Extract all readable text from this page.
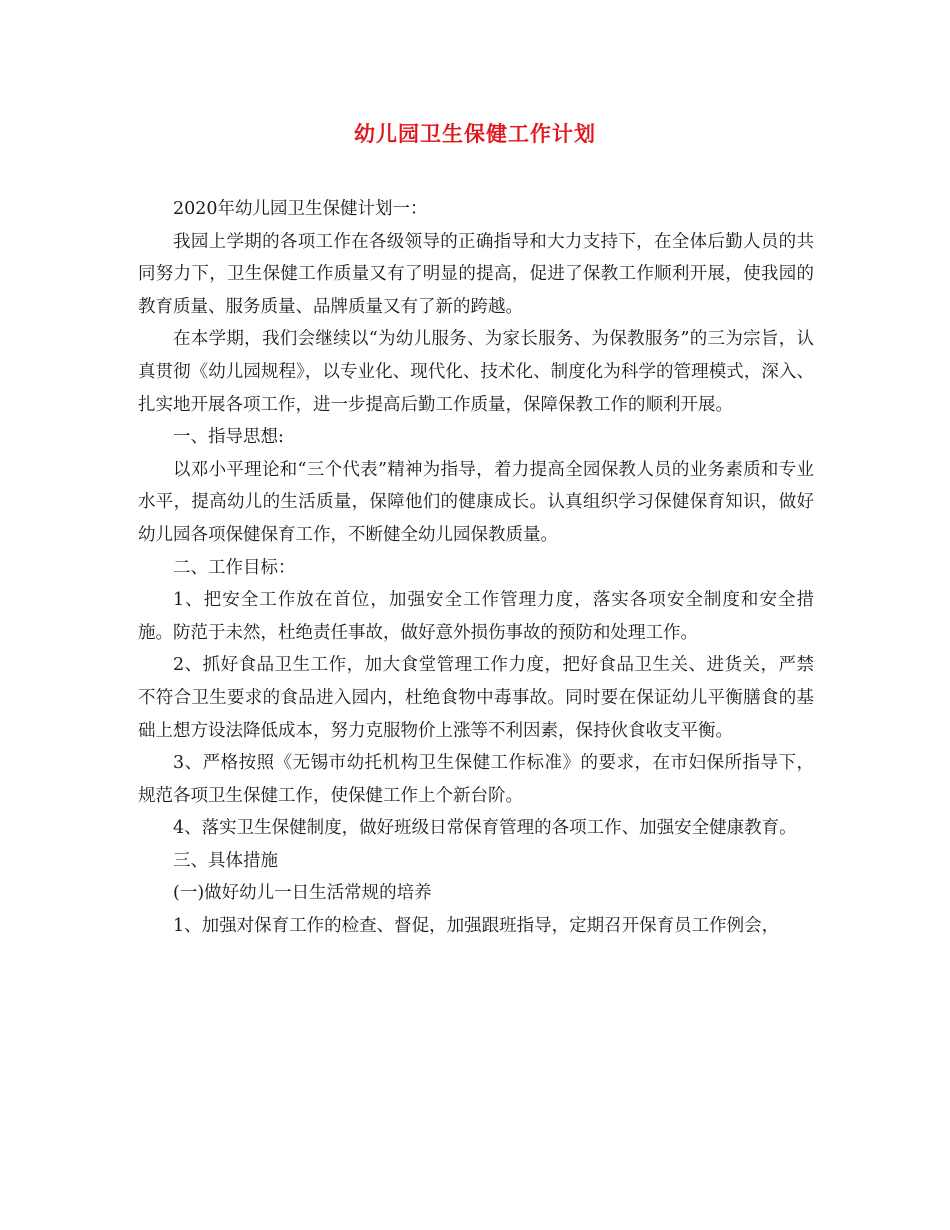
幼儿园卫生保健工作计划

2020年幼儿园卫生保健计划一：

我园上学期的各项工作在各级领导的正确指导和大力支持下，在全体后勤人员的共同努力下，卫生保健工作质量又有了明显的提高，促进了保教工作顺利开展，使我园的教育质量、服务质量、品牌质量又有了新的跨越。

在本学期，我们会继续以“为幼儿服务、为家长服务、为保教服务”的三为宗旨，认真贯彻《幼儿园规程》，以专业化、现代化、技术化、制度化为科学的管理模式，深入、扎实地开展各项工作，进一步提高后勤工作质量，保障保教工作的顺利开展。

一、指导思想:

以邓小平理论和“三个代表”精神为指导，着力提高全园保教人员的业务素质和专业水平，提高幼儿的生活质量，保障他们的健康成长。认真组织学习保健保育知识，做好幼儿园各项保健保育工作，不断健全幼儿园保教质量。

二、工作目标：

1、把安全工作放在首位，加强安全工作管理力度，落实各项安全制度和安全措施。防范于未然，杜绝责任事故，做好意外损伤事故的预防和处理工作。

2、抓好食品卫生工作，加大食堂管理工作力度，把好食品卫生关、进货关，严禁不符合卫生要求的食品进入园内，杜绝食物中毒事故。同时要在保证幼儿平衡膳食的基础上想方设法降低成本，努力克服物价上涨等不利因素，保持伙食收支平衡。

3、严格按照《无锡市幼托机构卫生保健工作标准》的要求，在市妇保所指导下，规范各项卫生保健工作，使保健工作上个新台阶。

4、落实卫生保健制度，做好班级日常保育管理的各项工作、加强安全健康教育。

三、具体措施

(一)做好幼儿一日生活常规的培养

1、加强对保育工作的检查、督促，加强跟班指导，定期召开保育员工作例会，
